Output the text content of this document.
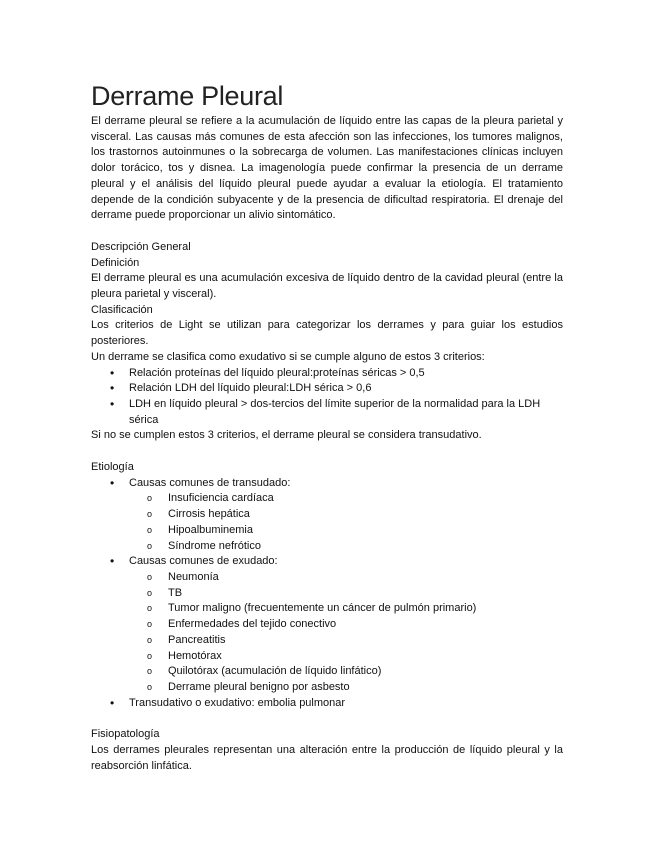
Derrame Pleural

El derrame pleural se refiere a la acumulación de líquido entre las capas de la pleura parietal y visceral. Las causas más comunes de esta afección son las infecciones, los tumores malignos, los trastornos autoinmunes o la sobrecarga de volumen. Las manifestaciones clínicas incluyen dolor torácico, tos y disnea. La imagenología puede confirmar la presencia de un derrame pleural y el análisis del líquido pleural puede ayudar a evaluar la etiología. El tratamiento depende de la condición subyacente y de la presencia de dificultad respiratoria. El drenaje del derrame puede proporcionar un alivio sintomático.

Descripción General
Definición

El derrame pleural es una acumulación excesiva de líquido dentro de la cavidad pleural (entre la pleura parietal y visceral).

Clasificación

Los criterios de Light se utilizan para categorizar los derrames y para guiar los estudios posteriores.

Un derrame se clasifica como exudativo si se cumple alguno de estos 3 criterios:

• Relación proteínas del líquido pleural:proteínas séricas > 0,5
• Relación LDH del líquido pleural:LDH sérica > 0,6
• LDH en líquido pleural > dos-tercios del límite superior de la normalidad para la LDH sérica

Si no se cumplen estos 3 criterios, el derrame pleural se considera transudativo.

Etiología
• Causas comunes de transudado:
o Insuficiencia cardíaca
o Cirrosis hepática
o Hipoalbuminemia
o Síndrome nefrótico
• Causas comunes de exudado:
o Neumonía
o TB
o Tumor maligno (frecuentemente un cáncer de pulmón primario)
o Enfermedades del tejido conectivo
o Pancreatitis
o Hemotórax
o Quilotórax (acumulación de líquido linfático)
o Derrame pleural benigno por asbesto
• Transudativo o exudativo: embolia pulmonar
Fisiopatología

Los derrames pleurales representan una alteración entre la producción de líquido pleural y la reabsorción linfática.
